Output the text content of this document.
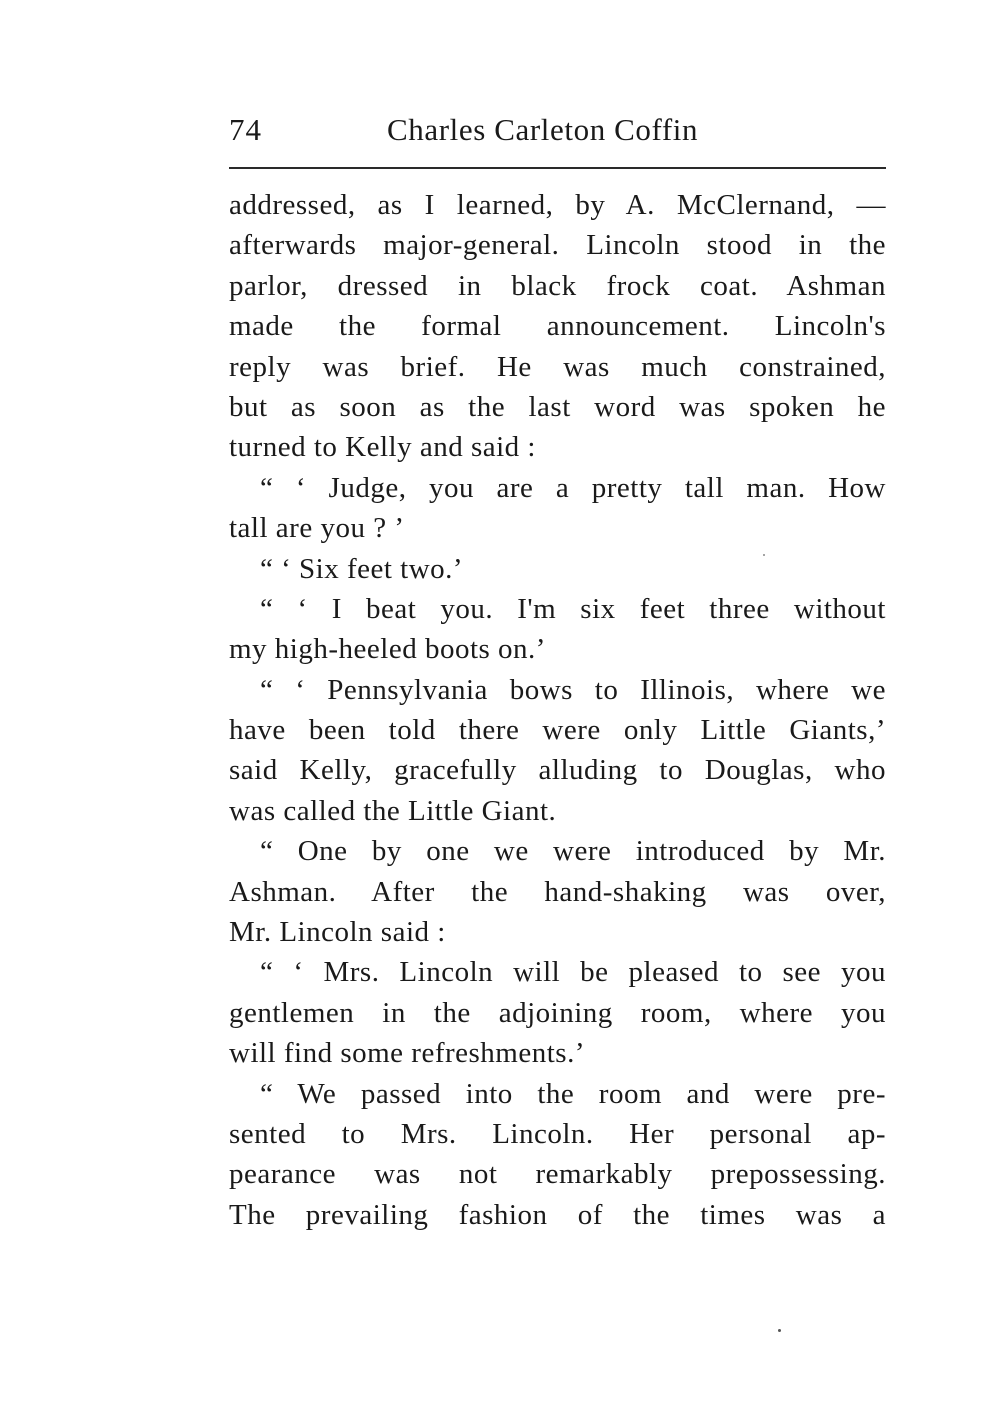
74	Charles Carleton Coffin
addressed, as I learned, by A. McClernand, —
afterwards major-general. Lincoln stood in the
parlor, dressed in black frock coat. Ashman
made the formal announcement. Lincoln's
reply was brief. He was much constrained,
but as soon as the last word was spoken he
turned to Kelly and said :
“ ‘ Judge, you are a pretty tall man. How
tall are you ? ’
“ ‘ Six feet two.’
“ ‘ I beat you. I'm six feet three without
my high-heeled boots on.’
“ ‘ Pennsylvania bows to Illinois, where we
have been told there were only Little Giants,’
said Kelly, gracefully alluding to Douglas, who
was called the Little Giant.
“ One by one we were introduced by Mr.
Ashman. After the hand-shaking was over,
Mr. Lincoln said :
“ ‘ Mrs. Lincoln will be pleased to see you
gentlemen in the adjoining room, where you
will find some refreshments.’
“ We passed into the room and were pre-
sented to Mrs. Lincoln. Her personal ap-
pearance was not remarkably prepossessing.
The prevailing fashion of the times was a
